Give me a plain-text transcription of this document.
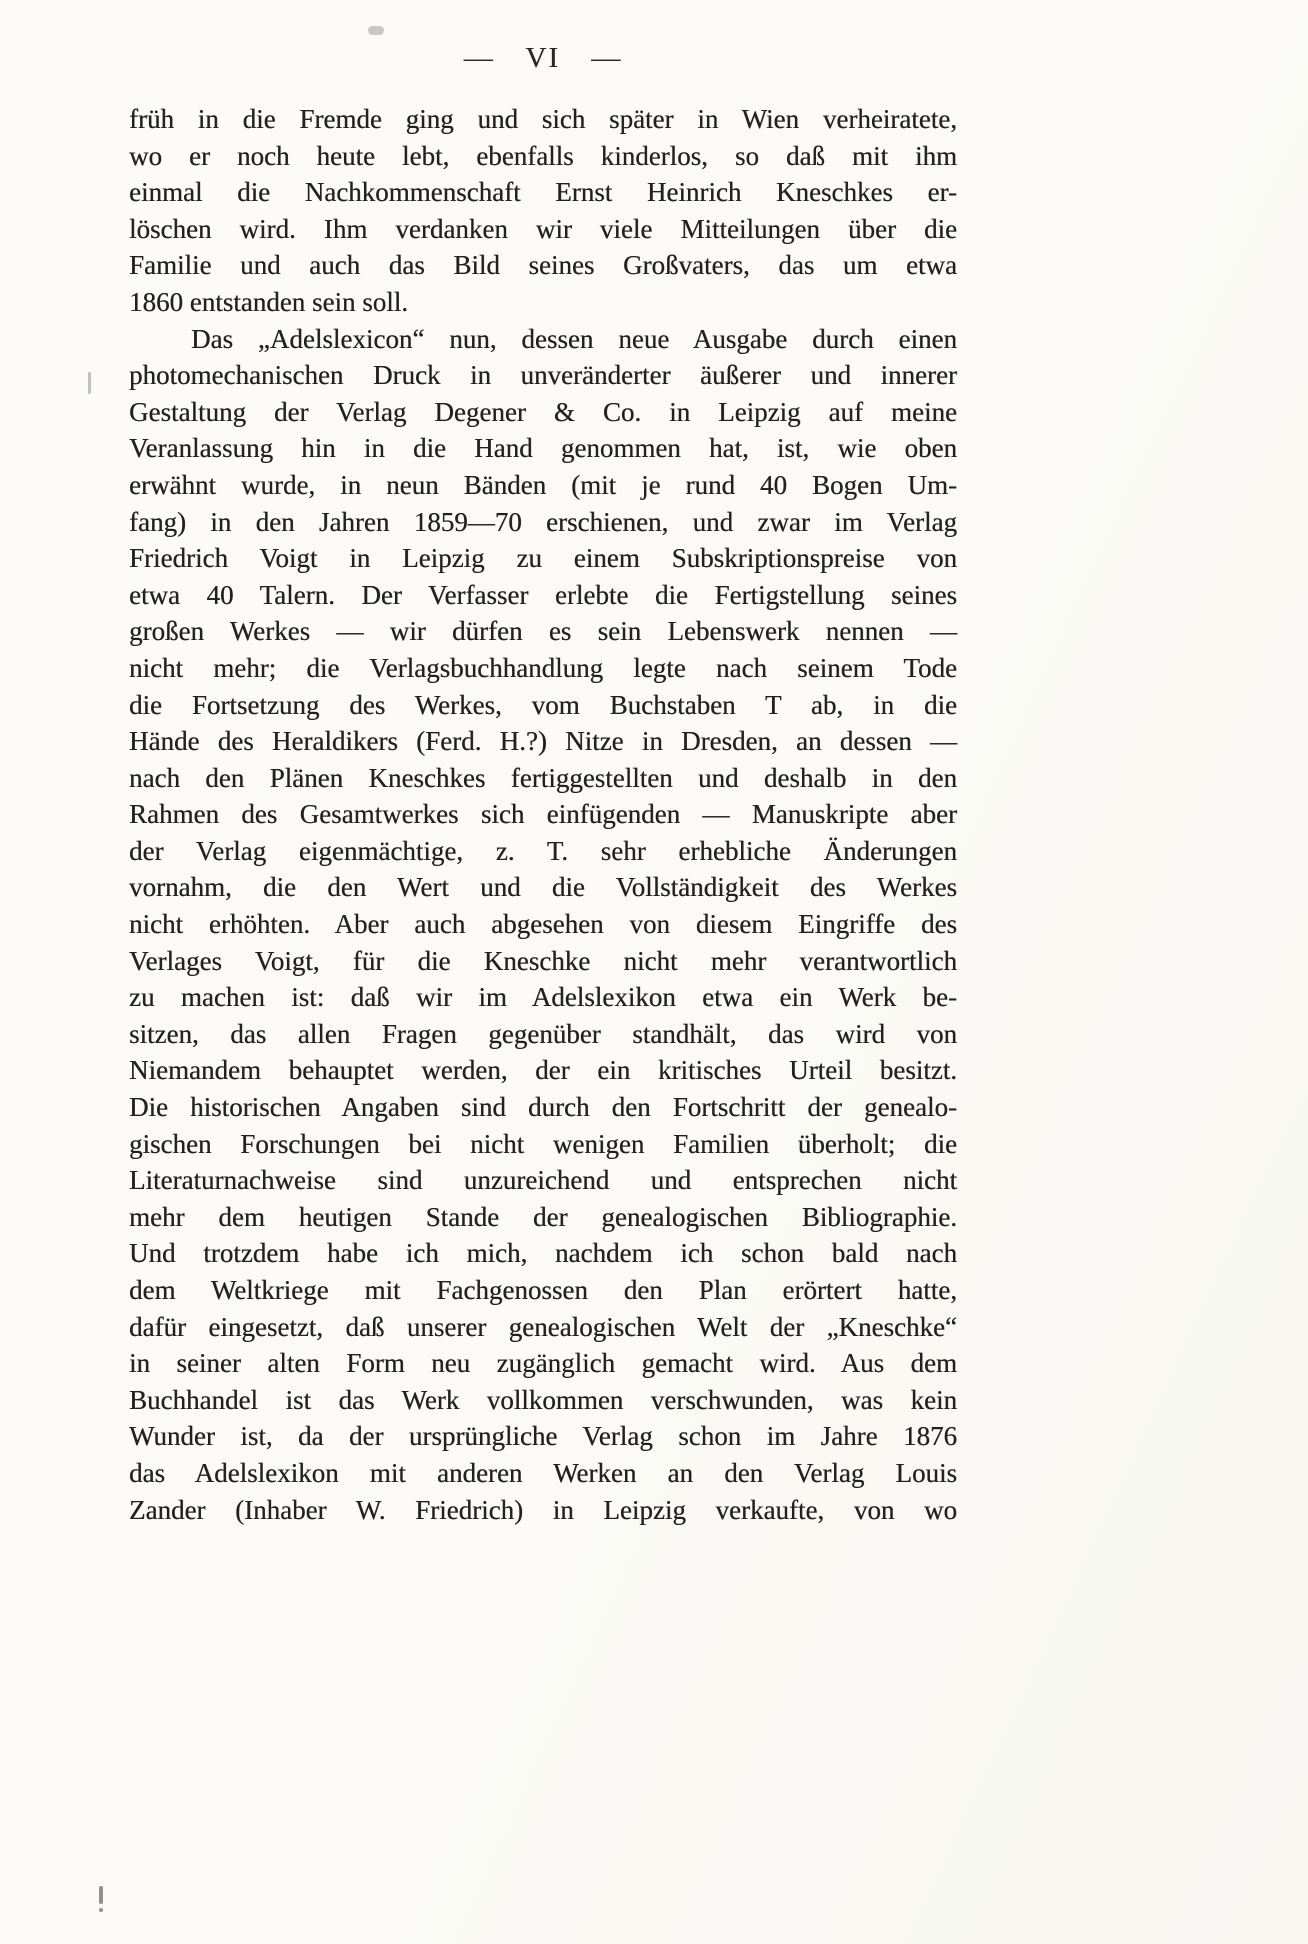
— VI —
früh in die Fremde ging und sich später in Wien verheiratete,
wo er noch heute lebt, ebenfalls kinderlos, so daß mit ihm
einmal die Nachkommenschaft Ernst Heinrich Kneschkes er-
löschen wird. Ihm verdanken wir viele Mitteilungen über die
Familie und auch das Bild seines Großvaters, das um etwa
1860 entstanden sein soll.
Das „Adelslexicon“ nun, dessen neue Ausgabe durch einen
photomechanischen Druck in unveränderter äußerer und innerer
Gestaltung der Verlag Degener & Co. in Leipzig auf meine
Veranlassung hin in die Hand genommen hat, ist, wie oben
erwähnt wurde, in neun Bänden (mit je rund 40 Bogen Um-
fang) in den Jahren 1859—70 erschienen, und zwar im Verlag
Friedrich Voigt in Leipzig zu einem Subskriptionspreise von
etwa 40 Talern. Der Verfasser erlebte die Fertigstellung seines
großen Werkes — wir dürfen es sein Lebenswerk nennen —
nicht mehr; die Verlagsbuchhandlung legte nach seinem Tode
die Fortsetzung des Werkes, vom Buchstaben T ab, in die
Hände des Heraldikers (Ferd. H.?) Nitze in Dresden, an dessen —
nach den Plänen Kneschkes fertiggestellten und deshalb in den
Rahmen des Gesamtwerkes sich einfügenden — Manuskripte aber
der Verlag eigenmächtige, z. T. sehr erhebliche Änderungen
vornahm, die den Wert und die Vollständigkeit des Werkes
nicht erhöhten. Aber auch abgesehen von diesem Eingriffe des
Verlages Voigt, für die Kneschke nicht mehr verantwortlich
zu machen ist: daß wir im Adelslexikon etwa ein Werk be-
sitzen, das allen Fragen gegenüber standhält, das wird von
Niemandem behauptet werden, der ein kritisches Urteil besitzt.
Die historischen Angaben sind durch den Fortschritt der genealo-
gischen Forschungen bei nicht wenigen Familien überholt; die
Literaturnachweise sind unzureichend und entsprechen nicht
mehr dem heutigen Stande der genealogischen Bibliographie.
Und trotzdem habe ich mich, nachdem ich schon bald nach
dem Weltkriege mit Fachgenossen den Plan erörtert hatte,
dafür eingesetzt, daß unserer genealogischen Welt der „Kneschke“
in seiner alten Form neu zugänglich gemacht wird. Aus dem
Buchhandel ist das Werk vollkommen verschwunden, was kein
Wunder ist, da der ursprüngliche Verlag schon im Jahre 1876
das Adelslexikon mit anderen Werken an den Verlag Louis
Zander (Inhaber W. Friedrich) in Leipzig verkaufte, von wo
